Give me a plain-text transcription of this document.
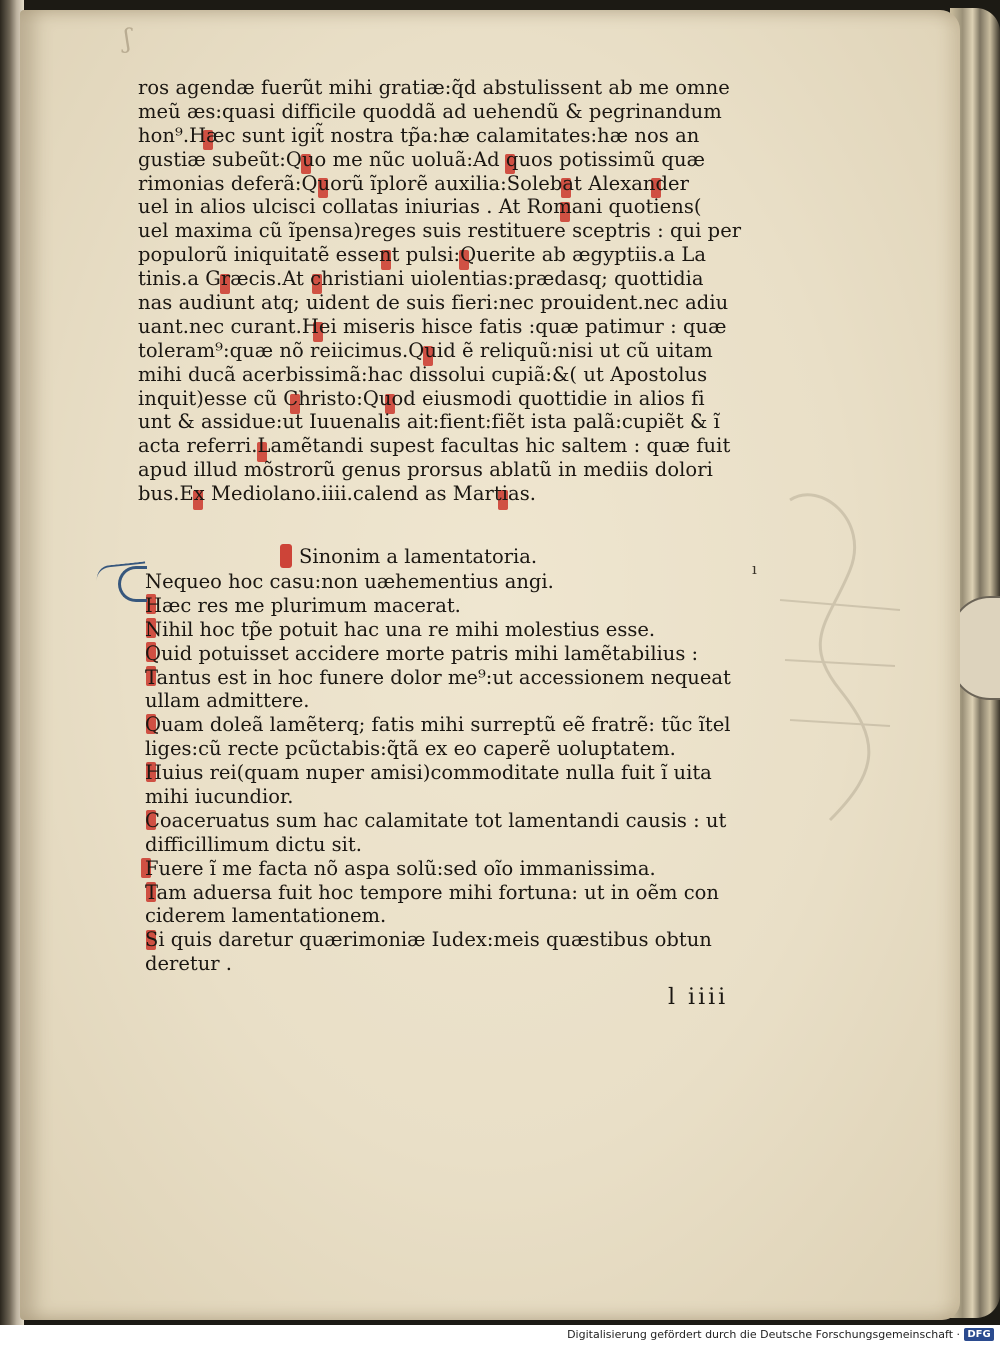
ʃ
ros agendæ fuerũt mihi gratiæ:q̃d abstulissent ab me omne
meũ æs:quasi difficile quoddã ad uehendũ & pegrinandum
hon⁹.Hæc sunt igit̃ nostra tp̃a:hæ calamitates:hæ nos an
gustiæ subeũt:Quo me nũc uoluã:Ad quos potissimũ quæ
rimonias deferã:Quorũ ĩplorẽ auxilia:Solebat Alexander
uel in alios ulcisci collatas iniurias . At Romani quotiens(
uel maxima cũ ĩpensa)reges suis restituere sceptris : qui per
populorũ iniquitatẽ essent pulsi:Querite ab ægyptiis.a La
tinis.a Græcis.At christiani uiolentias:prædasq; quottidia
nas audiunt atq; uident de suis fieri:nec prouident.nec adiu
uant.nec curant.Hei miseris hisce fatis :quæ patimur : quæ
toleram⁹:quæ nõ reiicimus.Quid ẽ reliquũ:nisi ut cũ uitam
mihi ducã acerbissimã:hac dissolui cupiã:&( ut Apostolus
inquit)esse cũ Christo:Quod eiusmodi quottidie in alios fi
unt & assidue:ut Iuuenalis ait:fient:fiẽt ista palã:cupiẽt & ĩ
acta referri.Lamẽtandi supest facultas hic saltem : quæ fuit
apud illud mõstrorũ genus prorsus ablatũ in mediis dolori
bus.Ex Mediolano.iiii.calend as Martias.
Sinonim a lamentatoria.
Nequeo hoc casu:non uæhementius angi.
Hæc res me plurimum macerat.
Nihil hoc tp̃e potuit hac una re mihi molestius esse.
Quid potuisset accidere morte patris mihi lamẽtabilius :
Tantus est in hoc funere dolor me⁹:ut accessionem nequeat
ullam admittere.
Quam doleã lamẽterq; fatis mihi surreptũ eẽ fratrẽ: tũc ĩtel
liges:cũ recte pcũctabis:q̃tã ex eo caperẽ uoluptatem.
Huius rei(quam nuper amisi)commoditate nulla fuit ĩ uita
mihi iucundior.
Coaceruatus sum hac calamitate tot lamentandi causis : ut
difficillimum dictu sit.
Fuere ĩ me facta nõ aspa solũ:sed oĩo immanissima.
Tam aduersa fuit hoc tempore mihi fortuna: ut in oẽm con
ciderem lamentationem.
Si quis daretur quærimoniæ Iudex:meis quæstibus obtun
deretur .
ı
l iiii
Digitalisierung gefördert durch die Deutsche Forschungsgemeinschaft · DFG
